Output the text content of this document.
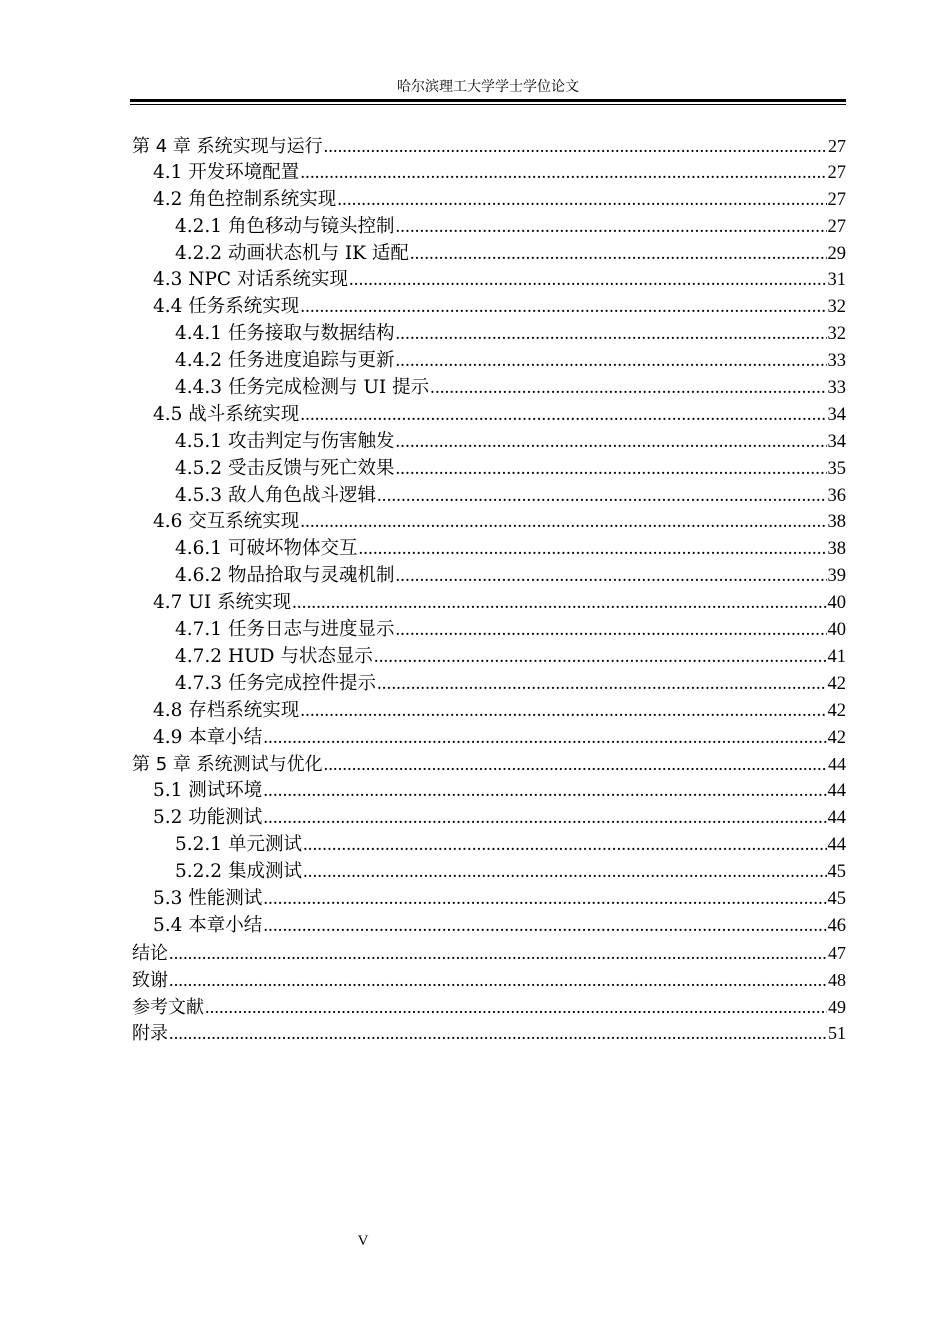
哈尔滨理工大学学士学位论文
第 4 章 系统实现与运行 .....	27
4.1 开发环境配置 .....	27
4.2 角色控制系统实现 .....	27
4.2.1 角色移动与镜头控制 .....	27
4.2.2 动画状态机与 IK 适配 .....	29
4.3 NPC 对话系统实现 .....	31
4.4 任务系统实现 .....	32
4.4.1 任务接取与数据结构 .....	32
4.4.2 任务进度追踪与更新 .....	33
4.4.3 任务完成检测与 UI 提示 .....	33
4.5 战斗系统实现 .....	34
4.5.1 攻击判定与伤害触发 .....	34
4.5.2 受击反馈与死亡效果 .....	35
4.5.3 敌人角色战斗逻辑 .....	36
4.6 交互系统实现 .....	38
4.6.1 可破坏物体交互 .....	38
4.6.2 物品拾取与灵魂机制 .....	39
4.7 UI 系统实现 .....	40
4.7.1 任务日志与进度显示 .....	40
4.7.2 HUD 与状态显示 .....	41
4.7.3 任务完成控件提示 .....	42
4.8 存档系统实现 .....	42
4.9 本章小结 .....	42
第 5 章 系统测试与优化 .....	44
5.1 测试环境 .....	44
5.2 功能测试 .....	44
5.2.1 单元测试 .....	44
5.2.2 集成测试 .....	45
5.3 性能测试 .....	45
5.4 本章小结 .....	46
结论 .....	47
致谢 .....	48
参考文献 .....	49
附录 .....	51
V
